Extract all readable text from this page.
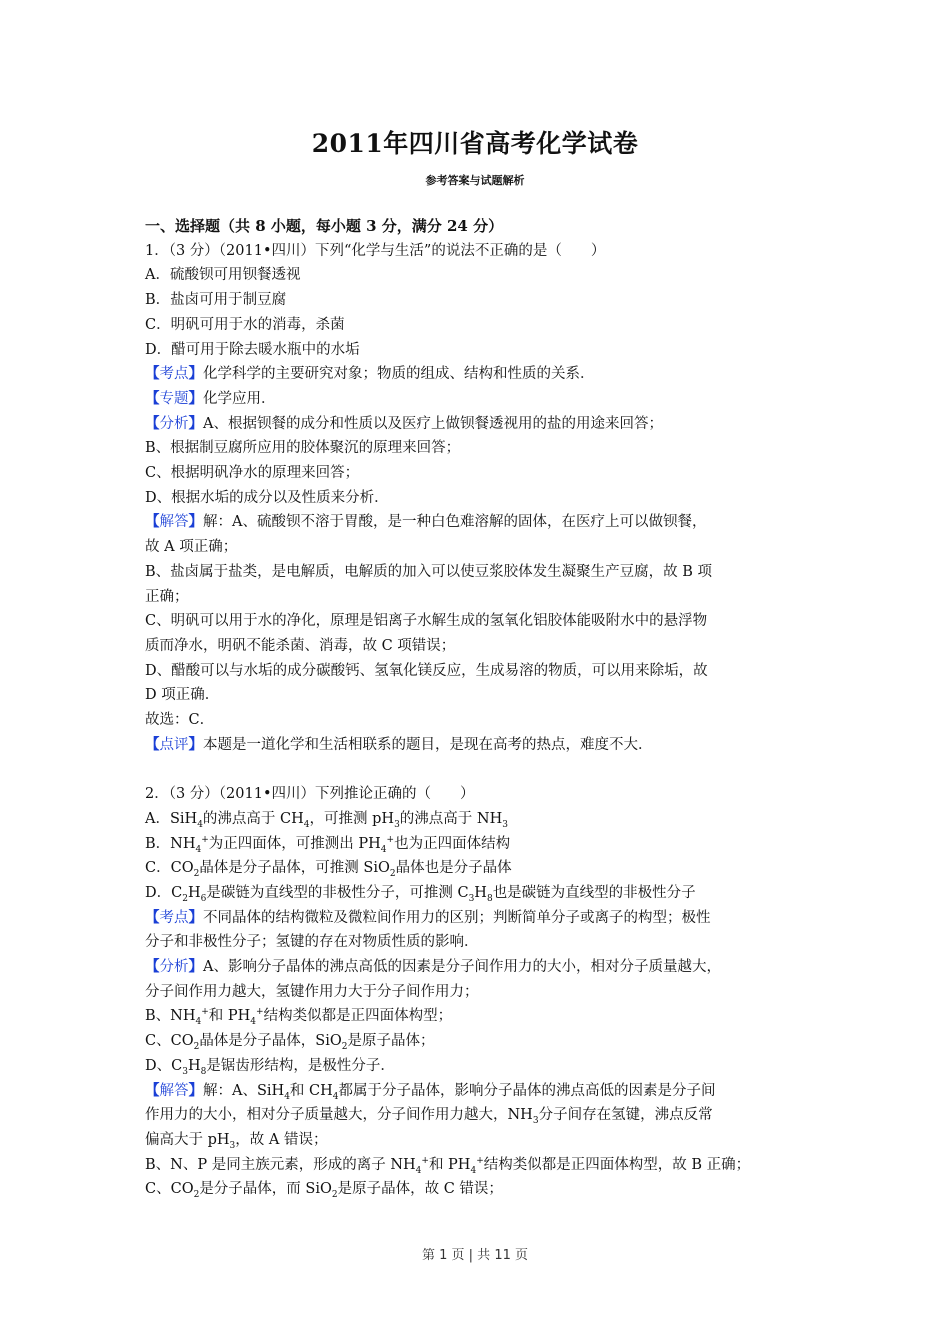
2011年四川省高考化学试卷
参考答案与试题解析
一、选择题（共 8 小题，每小题 3 分，满分 24 分）
1．（3 分）（2011•四川）下列“化学与生活”的说法不正确的是（　　）
A．硫酸钡可用钡餐透视
B．盐卤可用于制豆腐
C．明矾可用于水的消毒，杀菌
D．醋可用于除去暖水瓶中的水垢
【考点】化学科学的主要研究对象；物质的组成、结构和性质的关系．
【专题】化学应用．
【分析】A、根据钡餐的成分和性质以及医疗上做钡餐透视用的盐的用途来回答；
B、根据制豆腐所应用的胶体聚沉的原理来回答；
C、根据明矾净水的原理来回答；
D、根据水垢的成分以及性质来分析．
【解答】解：A、硫酸钡不溶于胃酸，是一种白色难溶解的固体，在医疗上可以做钡餐，
故 A 项正确；
B、盐卤属于盐类，是电解质，电解质的加入可以使豆浆胶体发生凝聚生产豆腐，故 B 项
正确；
C、明矾可以用于水的净化，原理是铝离子水解生成的氢氧化铝胶体能吸附水中的悬浮物
质而净水，明矾不能杀菌、消毒，故 C 项错误；
D、醋酸可以与水垢的成分碳酸钙、氢氧化镁反应，生成易溶的物质，可以用来除垢，故
D 项正确．
故选：C．
【点评】本题是一道化学和生活相联系的题目，是现在高考的热点，难度不大．
2．（3 分）（2011•四川）下列推论正确的（　　）
A．SiH$_4$的沸点高于 $CH_4$，可推测 $pH_3$的沸点高于 $NH_3$
B．$NH_4^+$为正四面体，可推测出 $PH_4^+$也为正四面体结构
C．$CO_2$晶体是分子晶体，可推测 SiO$_2$晶体也是分子晶体
D．$C_2H_6$是碳链为直线型的非极性分子，可推测 $C_3H_8$也是碳链为直线型的非极性分子
【考点】不同晶体的结构微粒及微粒间作用力的区别；判断简单分子或离子的构型；极性
分子和非极性分子；氢键的存在对物质性质的影响．
【分析】A、影响分子晶体的沸点高低的因素是分子间作用力的大小，相对分子质量越大，
分子间作用力越大，氢键作用力大于分子间作用力；
B、$NH_4^+$和 $PH_4^+$结构类似都是正四面体构型；
C、$CO_2$晶体是分子晶体，SiO$_2$是原子晶体；
D、$C_3H_8$是锯齿形结构，是极性分子．
【解答】解：A、SiH$_4$和 $CH_4$都属于分子晶体，影响分子晶体的沸点高低的因素是分子间
作用力的大小，相对分子质量越大，分子间作用力越大，$NH_3$分子间存在氢键，沸点反常
偏高大于 $pH_3$，故 A 错误；
B、N、P 是同主族元素，形成的离子 $NH_4^+$和 $PH_4^+$结构类似都是正四面体构型，故 B 正确；
C、$CO_2$是分子晶体，而 SiO$_2$是原子晶体，故 C 错误；
第 1 页 | 共 11 页
